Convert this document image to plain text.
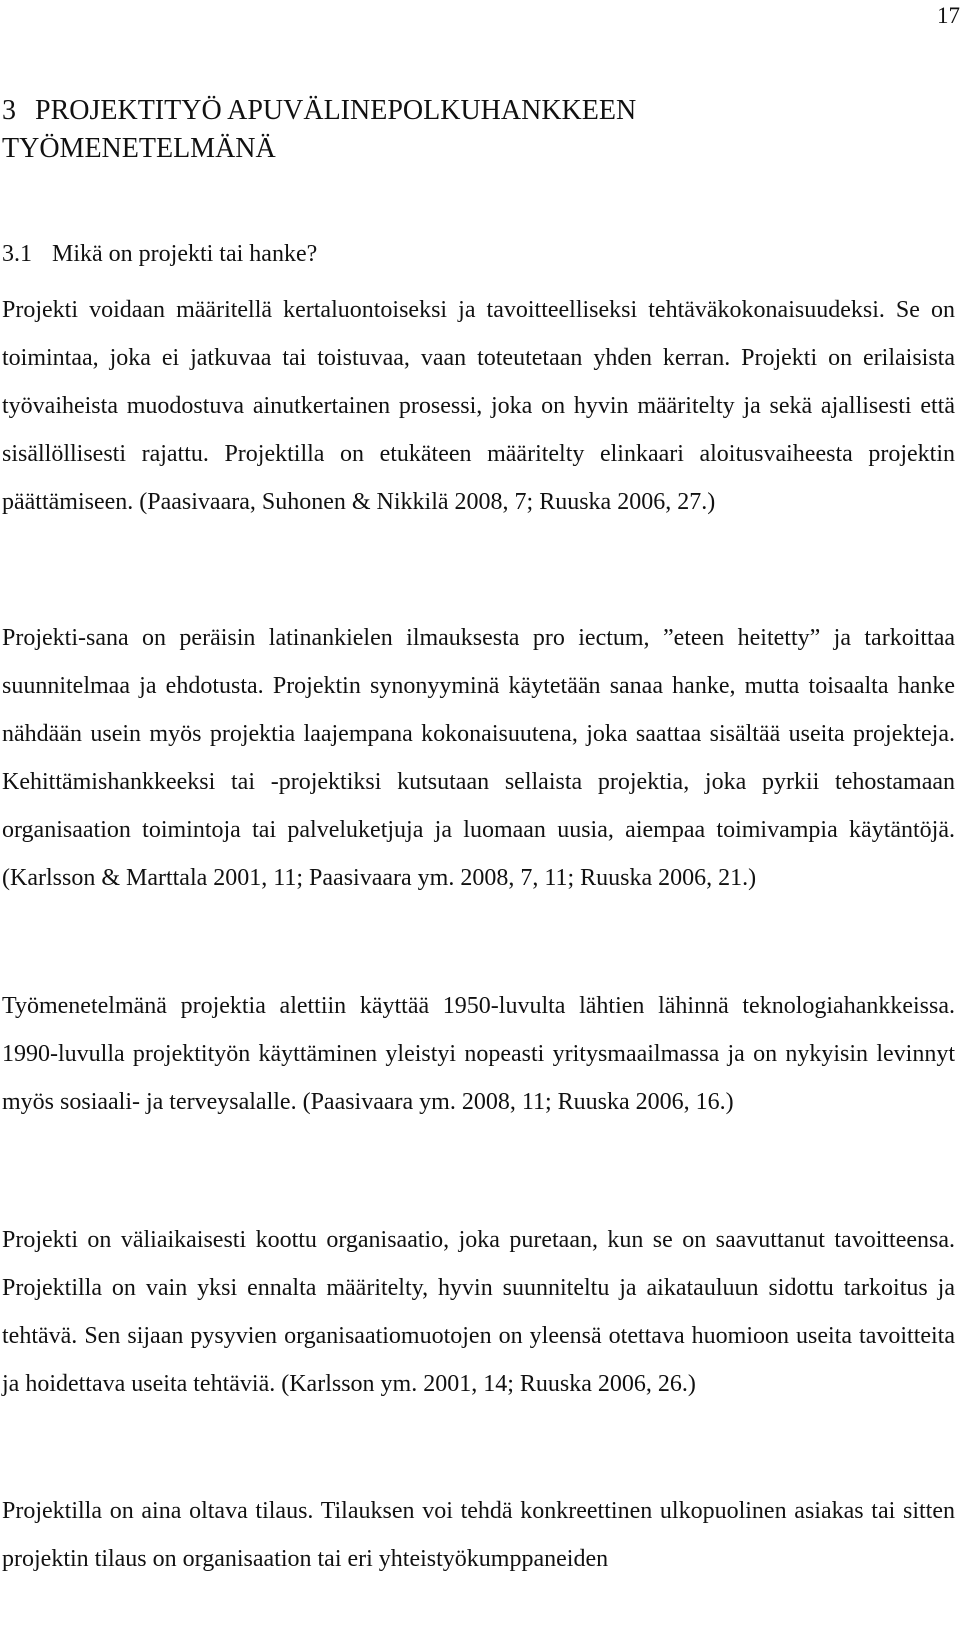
17
3 PROJEKTITYÖ APUVÄLINEPOLKUHANKKEEN TYÖMENETELMÄNÄ
3.1 Mikä on projekti tai hanke?

Projekti voidaan määritellä kertaluontoiseksi ja tavoitteelliseksi tehtäväkokonaisuudeksi. Se on toimintaa, joka ei jatkuvaa tai toistuvaa, vaan toteutetaan yhden kerran. Projekti on erilaisista työvaiheista muodostuva ainutkertainen prosessi, joka on hyvin määritelty ja sekä ajallisesti että sisällöllisesti rajattu. Projektilla on etukäteen määritelty elinkaari aloitusvaiheesta projektin päättämiseen. (Paasivaara, Suhonen & Nikkilä 2008, 7; Ruuska 2006, 27.)

Projekti-sana on peräisin latinankielen ilmauksesta pro iectum, ”eteen heitetty” ja tarkoittaa suunnitelmaa ja ehdotusta. Projektin synonyyminä käytetään sanaa hanke, mutta toisaalta hanke nähdään usein myös projektia laajempana kokonaisuutena, joka saattaa sisältää useita projekteja. Kehittämishankkeeksi tai -projektiksi kutsutaan sellaista projektia, joka pyrkii tehostamaan organisaation toimintoja tai palveluketjuja ja luomaan uusia, aiempaa toimivampia käytäntöjä. (Karlsson & Marttala 2001, 11; Paasivaara ym. 2008, 7, 11; Ruuska 2006, 21.)

Työmenetelmänä projektia alettiin käyttää 1950-luvulta lähtien lähinnä teknologiahankkeissa. 1990-luvulla projektityön käyttäminen yleistyi nopeasti yritysmaailmassa ja on nykyisin levinnyt myös sosiaali- ja terveysalalle. (Paasivaara ym. 2008, 11; Ruuska 2006, 16.)

Projekti on väliaikaisesti koottu organisaatio, joka puretaan, kun se on saavuttanut tavoitteensa. Projektilla on vain yksi ennalta määritelty, hyvin suunniteltu ja aikatauluun sidottu tarkoitus ja tehtävä. Sen sijaan pysyvien organisaatiomuotojen on yleensä otettava huomioon useita tavoitteita ja hoidettava useita tehtäviä. (Karlsson ym. 2001, 14; Ruuska 2006, 26.)

Projektilla on aina oltava tilaus. Tilauksen voi tehdä konkreettinen ulkopuolinen asiakas tai sitten projektin tilaus on organisaation tai eri yhteistyökumppaneiden
